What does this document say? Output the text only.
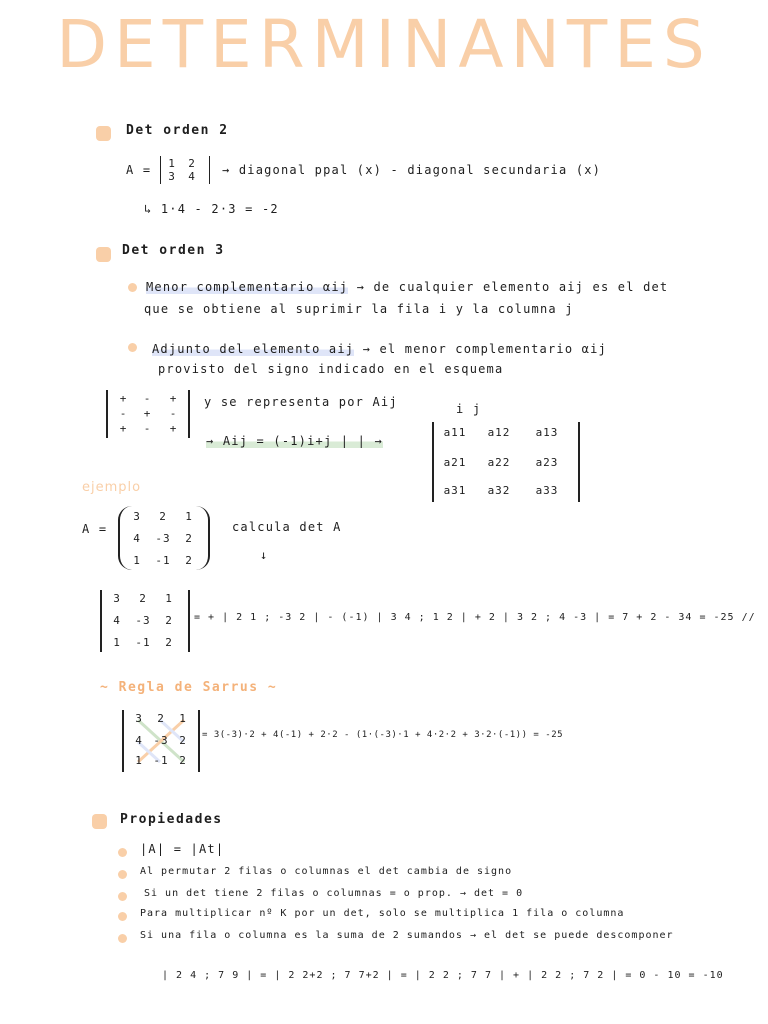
DETERMINANTES
Det orden 2
A =	1	2
3	4	→ diagonal ppal (x) - diagonal secundaria (x)
↳ 1·4 - 2·3 = -2
Det orden 3
Menor complementario αij → de cualquier elemento aij es el det
que se obtiene al suprimir la fila i y la columna j
Adjunto del elemento aij → el menor complementario αij
provisto del signo indicado en el esquema
+	-	+
-	+	-
+	-	+
y se representa por Aij
→ Aij = (-1)i+j | | →
i j
a11 a12 a13
a21 a22 a23
a31 a32 a33
ejemplo
A =
3	2	1
4	-3	2
1	-1	2
calcula det A
↓
3	2	1
4	-3	2
1	-1	2
= + | 2 1 ; -3 2 | - (-1) | 3 4 ; 1 2 | + 2 | 3 2 ; 4 -3 | = 7 + 2 - 34 = -25 //
~ Regla de Sarrus ~
3	2	1
4 -3 2
1 -1 2
= 3(-3)·2 + 4(-1) + 2·2 - (1·(-3)·1 + 4·2·2 + 3·2·(-1)) = -25
Propiedades
|A| = |At|
Al permutar 2 filas o columnas el det cambia de signo
Si un det tiene 2 filas o columnas = o prop. → det = 0
Para multiplicar nº K por un det, solo se multiplica 1 fila o columna
Si una fila o columna es la suma de 2 sumandos → el det se puede descomponer
| 2 4 ; 7 9 | = | 2 2+2 ; 7 7+2 | = | 2 2 ; 7 7 | + | 2 2 ; 7 2 | = 0 - 10 = -10
